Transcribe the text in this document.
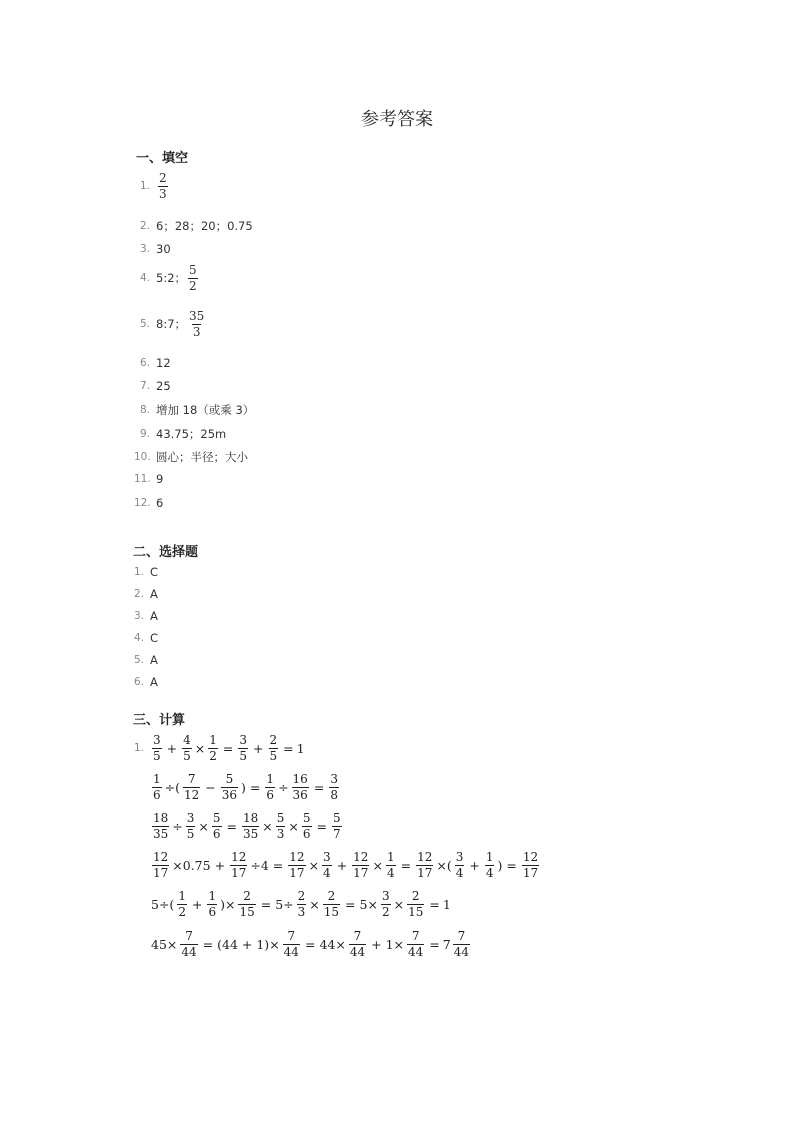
参考答案
一、填空
1. $\frac{2}{3}$
2. 6；28；20；0.75
3. 30
4. 5:2； $\frac{5}{2}$
5. 8:7； $\frac{35}{3}$
6. 12
7. 25
8. 增加 18（或乘 3）
9. 43.75；25m
10. 圆心；半径；大小
11. 9
12. 6
二、选择题
1. C
2. A
3. A
4. C
5. A
6. A
三、计算
1. $\frac{3}{5} + \frac{4}{5} \times \frac{1}{2} = \frac{3}{5} + \frac{2}{5} = 1$
$\frac{1}{6}$ ÷( $\frac{7}{12} - \frac{5}{36}$ ) = $\frac{1}{6} \div \frac{16}{36} = \frac{3}{8}$
$\frac{18}{35} \div \frac{3}{5} \times \frac{5}{6} = \frac{18}{35} \times \frac{5}{3} \times \frac{5}{6} = \frac{5}{7}$
$\frac{12}{17} \times 0.75 + \frac{12}{17} \div 4 = \frac{12}{17} \times \frac{3}{4} + \frac{12}{17} \times \frac{1}{4} = \frac{12}{17}$ ×( $\frac{3}{4} + \frac{1}{4}$ ) = $\frac{12}{17}$
$5\div( \frac{1}{2} + \frac{1}{6}$ )× $\frac{2}{15} = 5\div \frac{2}{3} \times \frac{2}{15} = 5\times \frac{3}{2} \times \frac{2}{15} = 1$
$45\times \frac{7}{44} = (44 + 1)\times \frac{7}{44} = 44\times \frac{7}{44} + 1\times \frac{7}{44} = 7 \frac{7}{44}$
